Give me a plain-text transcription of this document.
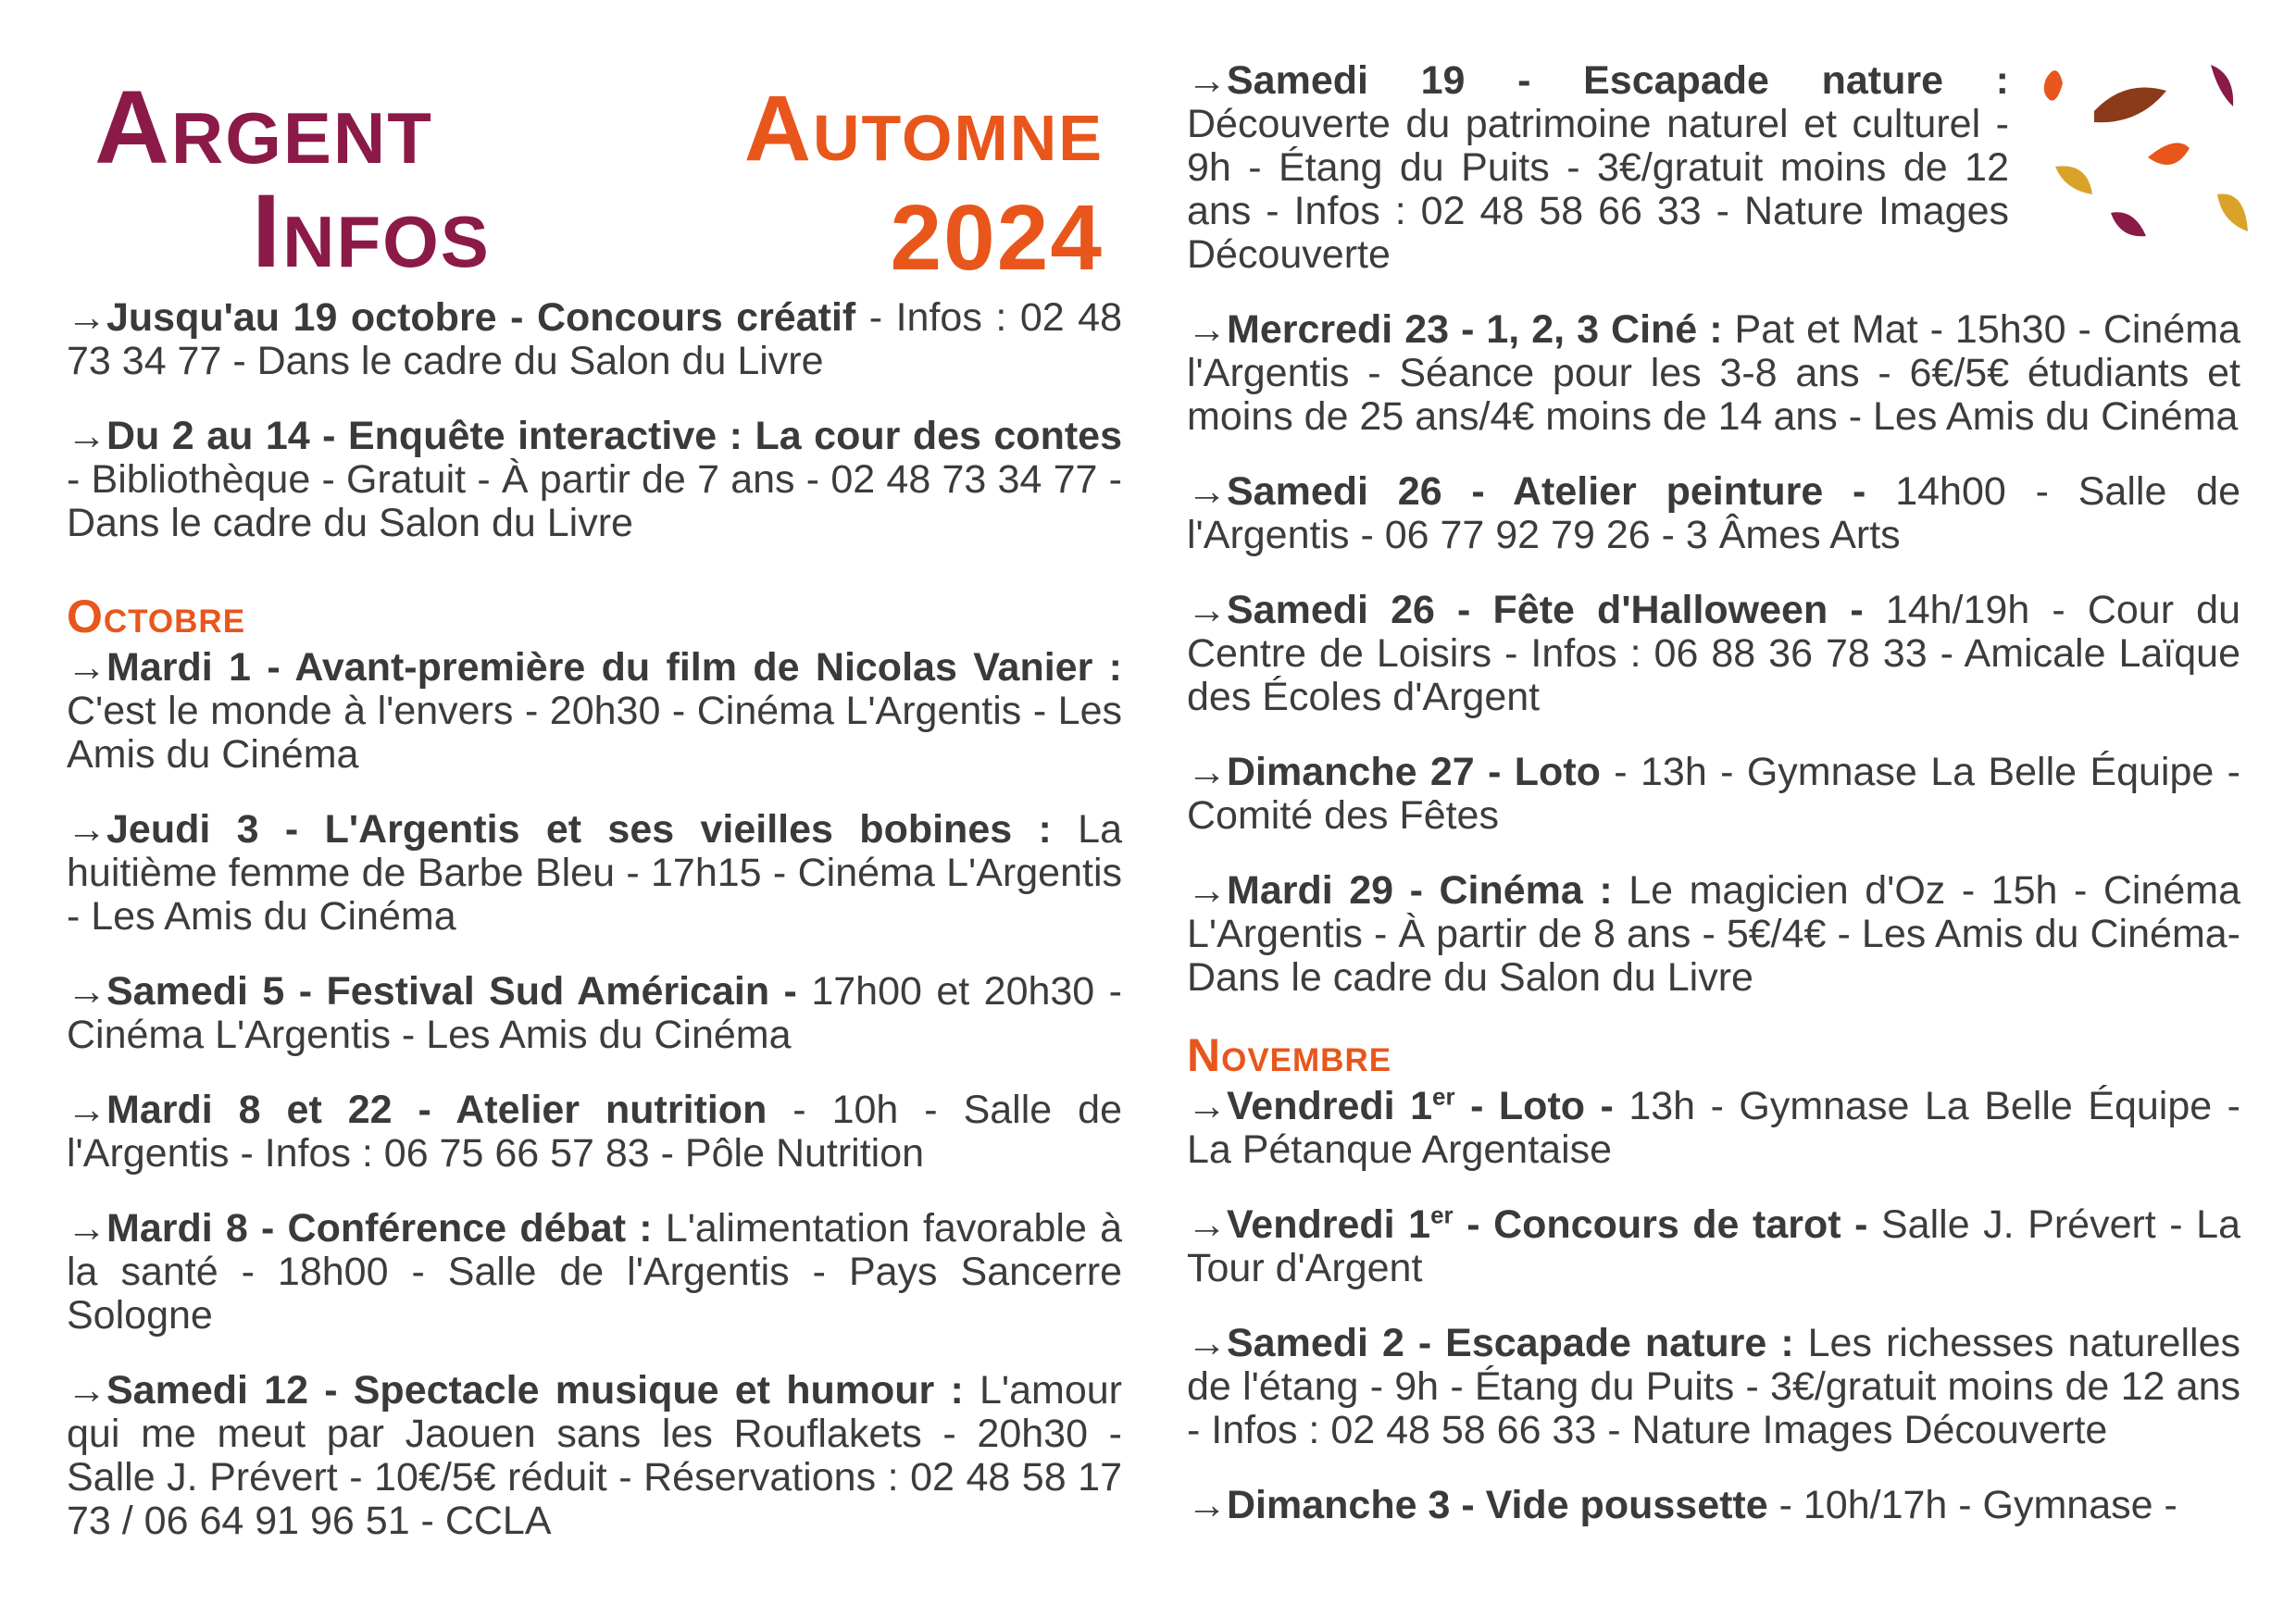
Argent
Infos
Automne
2024
→Jusqu'au 19 octobre - Concours créatif - Infos : 02 48 73 34 77 - Dans le cadre du Salon du Livre
→Du 2 au 14 - Enquête interactive : La cour des contes - Bibliothèque - Gratuit - À partir de 7 ans - 02 48 73 34 77 - Dans le cadre du Salon du Livre
Octobre
→Mardi 1 - Avant-première du film de Nicolas Vanier : C'est le monde à l'envers - 20h30 - Cinéma L'Argentis - Les Amis du Cinéma
→Jeudi 3 - L'Argentis et ses vieilles bobines : La huitième femme de Barbe Bleu - 17h15 - Cinéma L'Argentis - Les Amis du Cinéma
→Samedi 5 - Festival Sud Américain - 17h00 et 20h30 - Cinéma L'Argentis - Les Amis du Cinéma
→Mardi 8 et 22 - Atelier nutrition - 10h - Salle de l'Argentis - Infos : 06 75 66 57 83 - Pôle Nutrition
→Mardi 8 - Conférence débat : L'alimentation favorable à la santé - 18h00 - Salle de l'Argentis - Pays Sancerre Sologne
→Samedi 12 - Spectacle musique et humour : L'amour qui me meut par Jaouen sans les Rouflakets - 20h30 - Salle J. Prévert - 10€/5€ réduit - Réservations : 02 48 58 17 73 / 06 64 91 96 51 - CCLA
→Samedi 19 - Escapade nature : Découverte du patrimoine naturel et culturel - 9h - Étang du Puits - 3€/gratuit moins de 12 ans - Infos : 02 48 58 66 33 - Nature Images Découverte
→Mercredi 23 - 1, 2, 3 Ciné : Pat et Mat - 15h30 - Cinéma l'Argentis - Séance pour les 3-8 ans - 6€/5€ étudiants et moins de 25 ans/4€ moins de 14 ans - Les Amis du Cinéma
→Samedi 26 - Atelier peinture - 14h00 - Salle de l'Argentis - 06 77 92 79 26 - 3 Âmes Arts
→Samedi 26 - Fête d'Halloween - 14h/19h - Cour du Centre de Loisirs - Infos : 06 88 36 78 33 - Amicale Laïque des Écoles d'Argent
→Dimanche 27 - Loto - 13h - Gymnase La Belle Équipe - Comité des Fêtes
→Mardi 29 - Cinéma : Le magicien d'Oz - 15h - Cinéma L'Argentis - À partir de 8 ans - 5€/4€ - Les Amis du Cinéma- Dans le cadre du Salon du Livre
Novembre
→Vendredi 1er - Loto - 13h - Gymnase La Belle Équipe - La Pétanque Argentaise
→Vendredi 1er - Concours de tarot - Salle J. Prévert - La Tour d'Argent
→Samedi 2 - Escapade nature : Les richesses naturelles de l'étang - 9h - Étang du Puits - 3€/gratuit moins de 12 ans - Infos : 02 48 58 66 33 - Nature Images Découverte
→Dimanche 3 - Vide poussette - 10h/17h - Gymnase -
